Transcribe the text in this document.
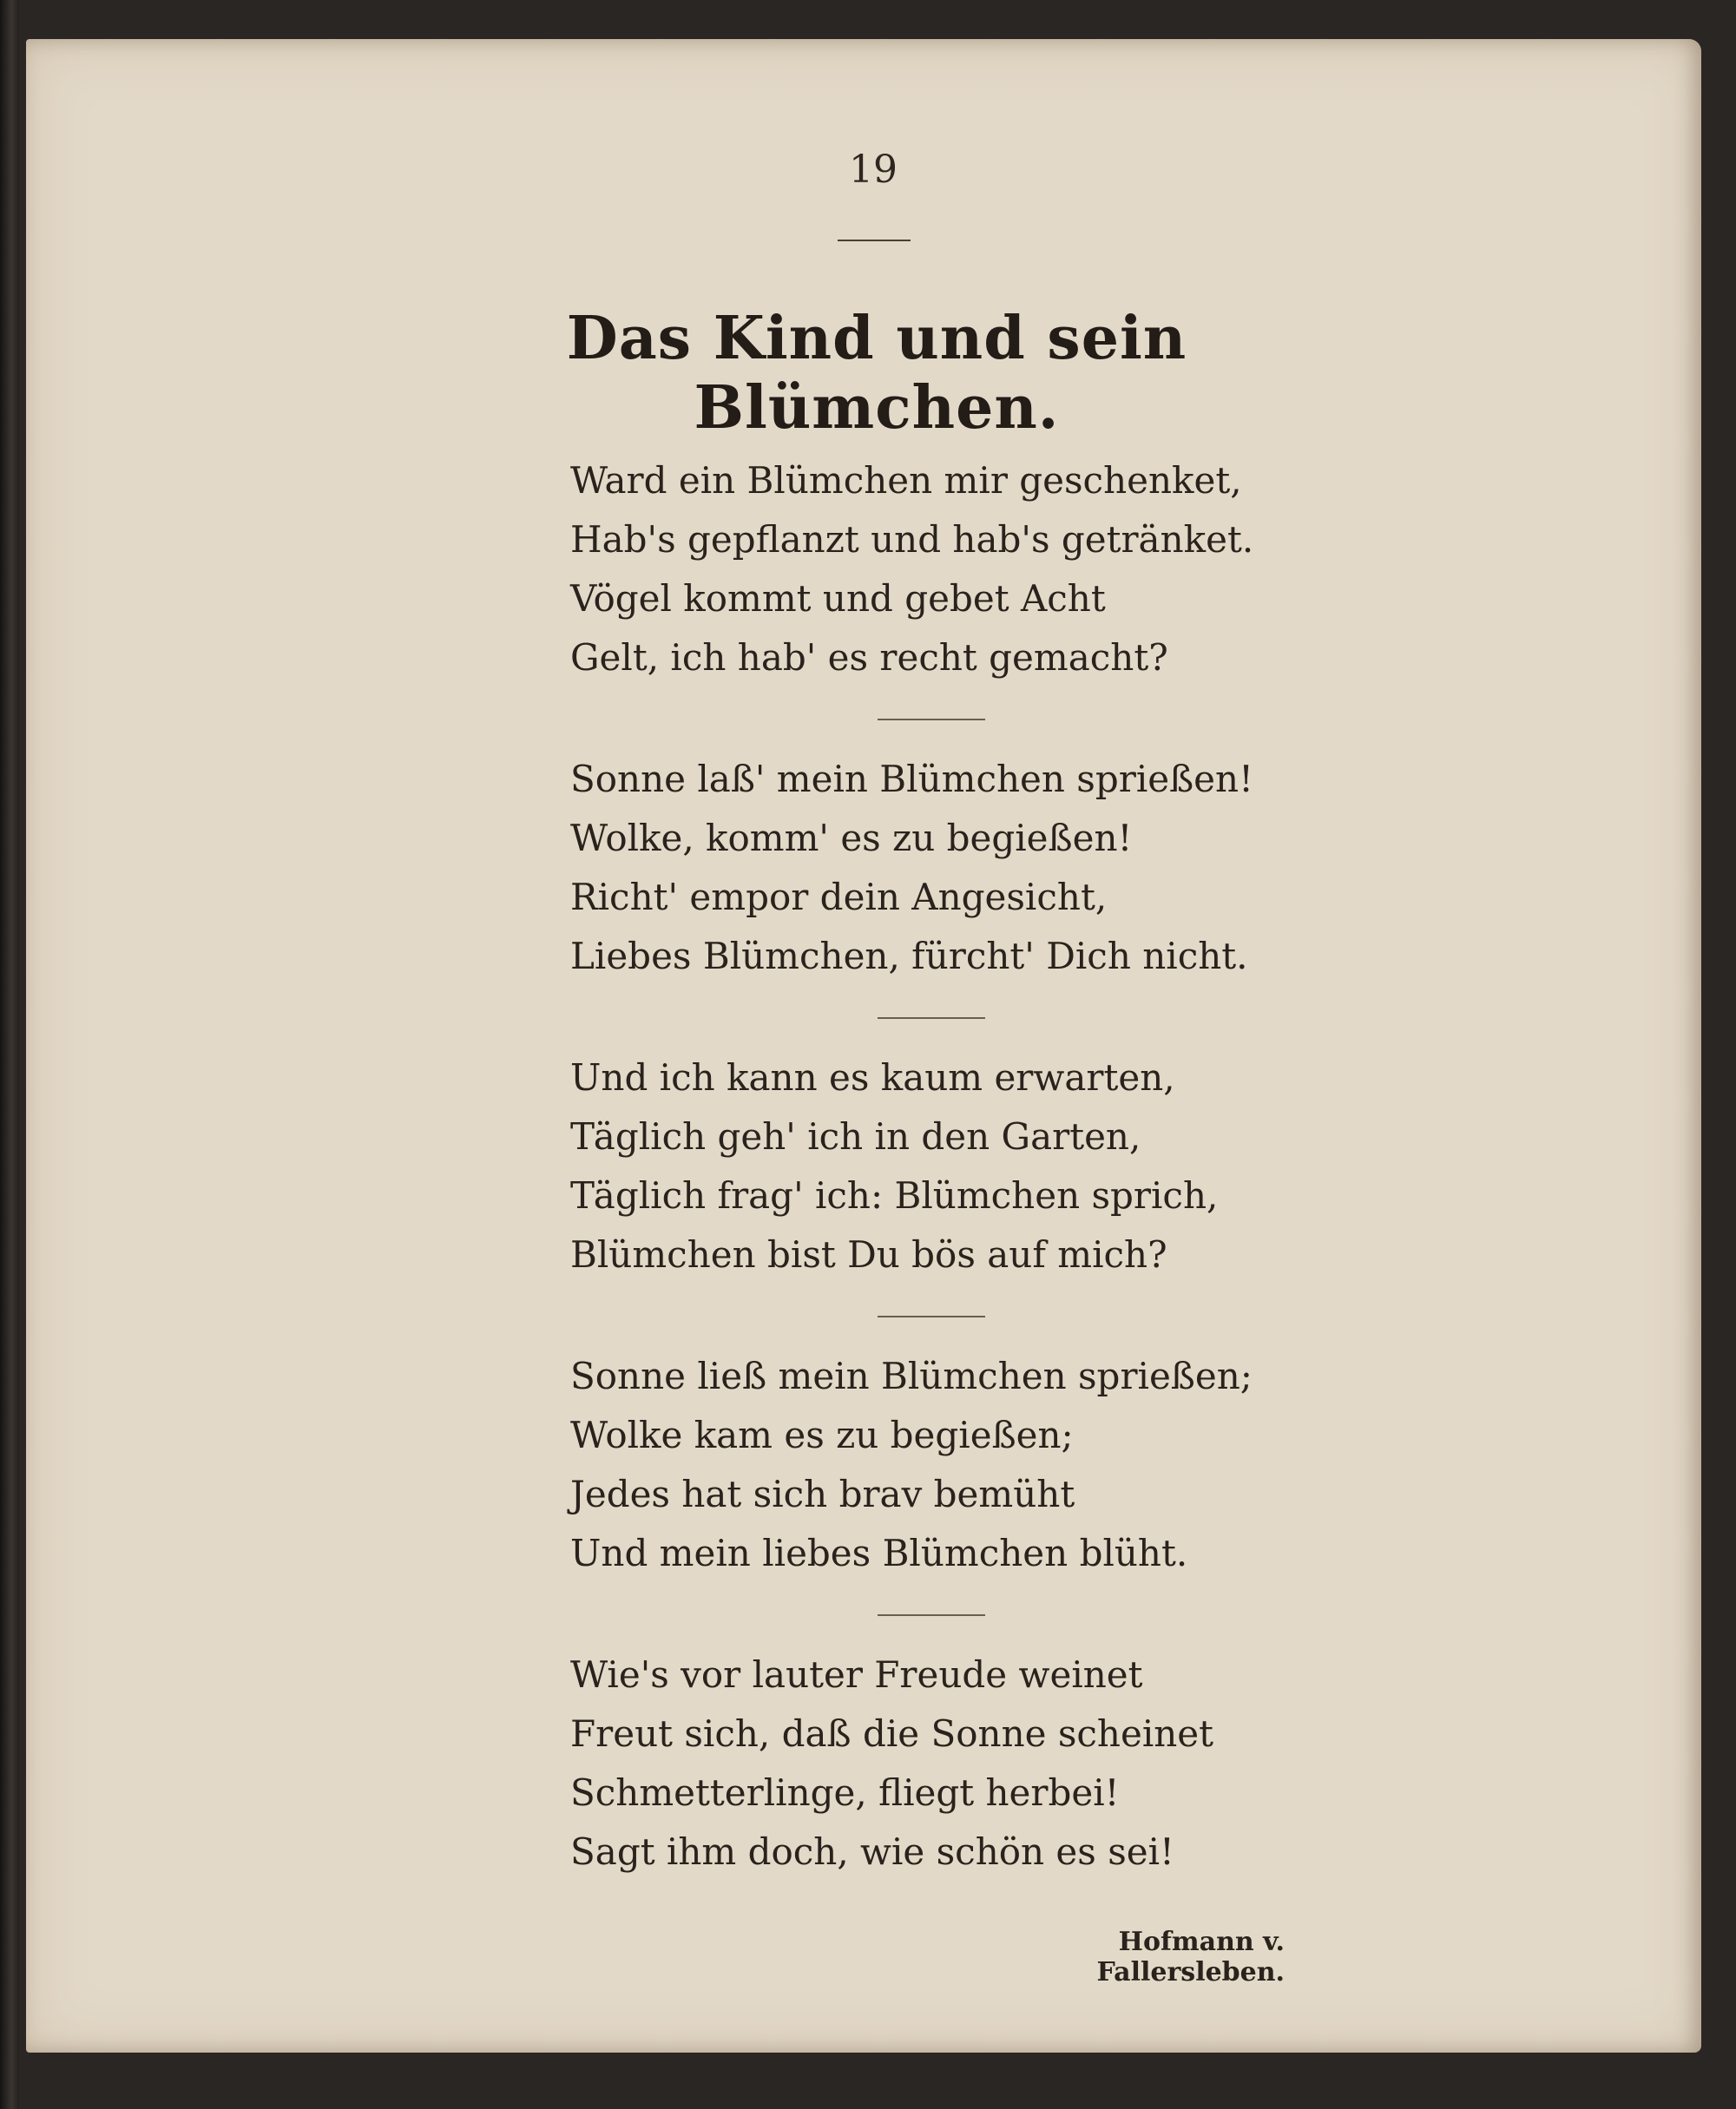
19
Das Kind und sein Blümchen.
Ward ein Blümchen mir geschenket,
Hab's gepflanzt und hab's getränket.
Vögel kommt und gebet Acht
Gelt, ich hab' es recht gemacht?
Sonne laß' mein Blümchen sprießen!
Wolke, komm' es zu begießen!
Richt' empor dein Angesicht,
Liebes Blümchen, fürcht' Dich nicht.
Und ich kann es kaum erwarten,
Täglich geh' ich in den Garten,
Täglich frag' ich: Blümchen sprich,
Blümchen bist Du bös auf mich?
Sonne ließ mein Blümchen sprießen;
Wolke kam es zu begießen;
Jedes hat sich brav bemüht
Und mein liebes Blümchen blüht.
Wie's vor lauter Freude weinet
Freut sich, daß die Sonne scheinet
Schmetterlinge, fliegt herbei!
Sagt ihm doch, wie schön es sei!
Hofmann v. Fallersleben.
